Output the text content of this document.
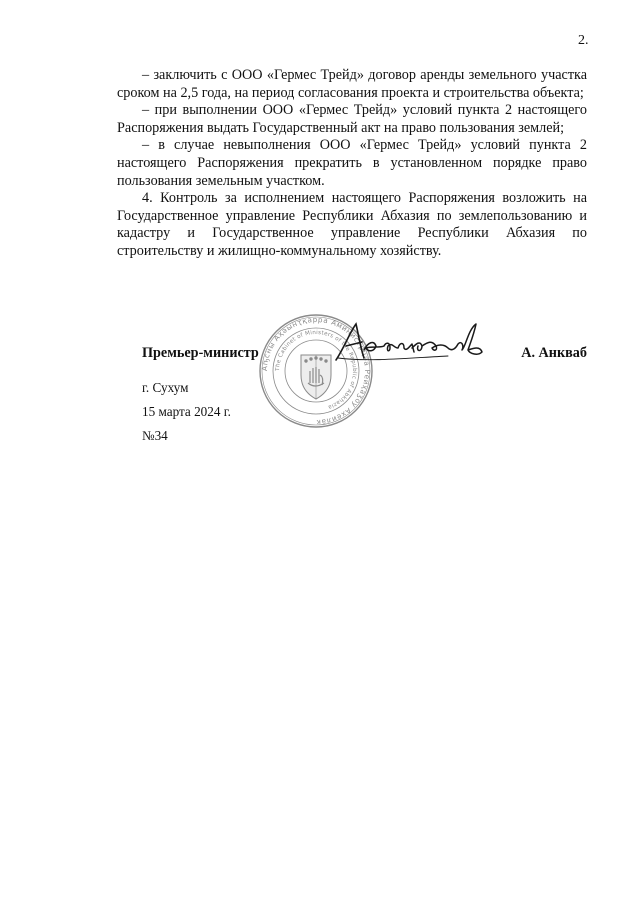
2.

– заключить с ООО «Гермес Трейд» договор аренды земельного участка сроком на 2,5 года, на период согласования проекта и строительства объекта;

– при выполнении ООО «Гермес Трейд» условий пункта 2 настоящего Распоряжения выдать Государственный акт на право пользования землей;

– в случае невыполнения ООО «Гермес Трейд» условий пункта 2 настоящего Распоряжения прекратить в установленном порядке право пользования земельным участком.

4. Контроль за исполнением настоящего Распоряжения возложить на Государственное управление Республики Абхазия по землепользованию и кадастру и Государственное управление Республики Абхазия по строительству и жилищно-коммунальному хозяйству.

Аҧсны Аҳәынҭқарра Аминистрцәа Реиҳаӡоу Ахеилак
The Cabinet of Ministers of the Republic of Abkhazia
Премьер-министр	А. Анкваб
г. Сухум
15 марта 2024 г.
№34
